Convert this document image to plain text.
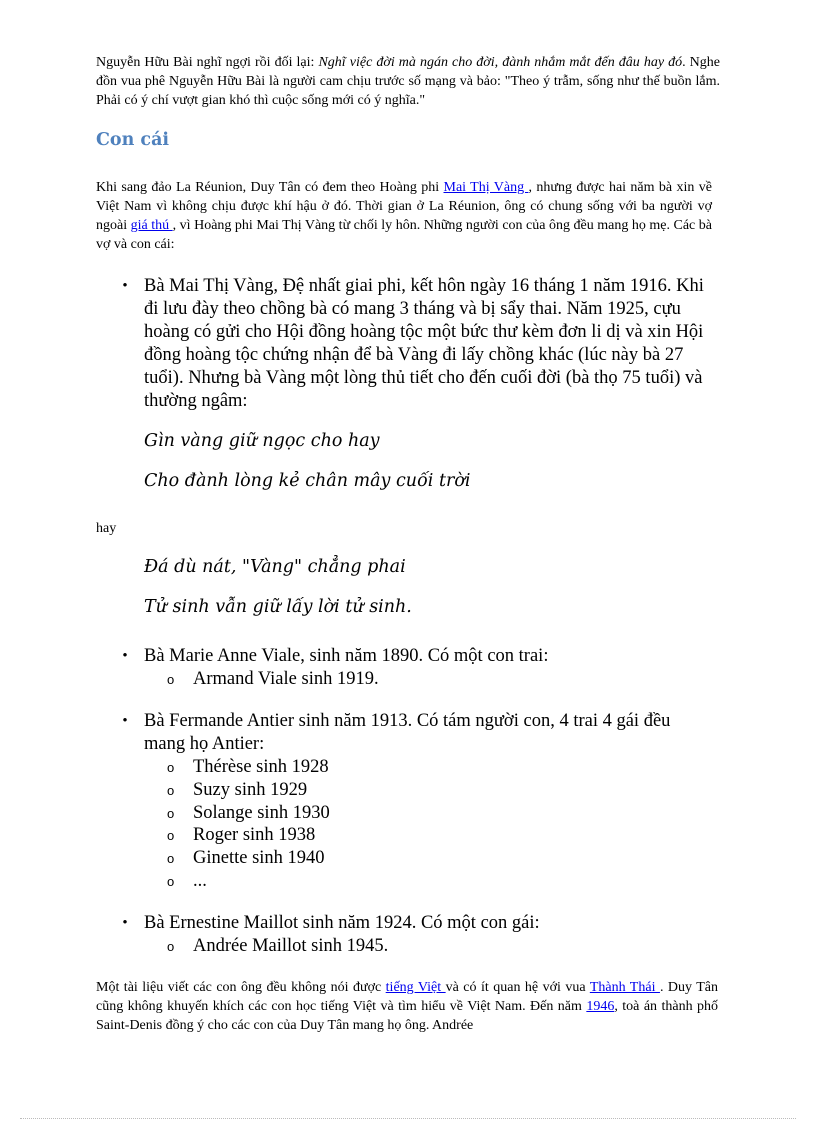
Nguyễn Hữu Bài nghĩ ngợi rồi đối lại: Nghĩ việc đời mà ngán cho đời, đành nhắm mắt đến đâu hay đó. Nghe đồn vua phê Nguyễn Hữu Bài là người cam chịu trước số mạng và bảo: "Theo ý trẫm, sống như thế buồn lắm. Phải có ý chí vượt gian khó thì cuộc sống mới có ý nghĩa."

Con cái

Khi sang đảo La Réunion, Duy Tân có đem theo Hoàng phi Mai Thị Vàng , nhưng được hai năm bà xin về Việt Nam vì không chịu được khí hậu ở đó. Thời gian ở La Réunion, ông có chung sống với ba người vợ ngoài giá thú , vì Hoàng phi Mai Thị Vàng từ chối ly hôn. Những người con của ông đều mang họ mẹ. Các bà vợ và con cái:

• Bà Mai Thị Vàng, Đệ nhất giai phi, kết hôn ngày 16 tháng 1 năm 1916. Khi đi lưu đày theo chồng bà có mang 3 tháng và bị sẩy thai. Năm 1925, cựu hoàng có gửi cho Hội đồng hoàng tộc một bức thư kèm đơn li dị và xin Hội đồng hoàng tộc chứng nhận để bà Vàng đi lấy chồng khác (lúc này bà 27 tuổi). Nhưng bà Vàng một lòng thủ tiết cho đến cuối đời (bà thọ 75 tuổi) và thường ngâm:
Gìn vàng giữ ngọc cho hay
Cho đành lòng kẻ chân mây cuối trời
hay
Đá dù nát, "Vàng" chẳng phai
Tử sinh vẫn giữ lấy lời tử sinh.
• Bà Marie Anne Viale, sinh năm 1890. Có một con trai:
o Armand Viale sinh 1919.
• Bà Fermande Antier sinh năm 1913. Có tám người con, 4 trai 4 gái đều mang họ Antier:
o Thérèse sinh 1928
o Suzy sinh 1929
o Solange sinh 1930
o Roger sinh 1938
o Ginette sinh 1940
o ...
• Bà Ernestine Maillot sinh năm 1924. Có một con gái:
o Andrée Maillot sinh 1945.

Một tài liệu viết các con ông đều không nói được tiếng Việt và có ít quan hệ với vua Thành Thái . Duy Tân cũng không khuyến khích các con học tiếng Việt và tìm hiểu về Việt Nam. Đến năm 1946, toà án thành phố Saint-Denis đồng ý cho các con của Duy Tân mang họ ông. Andrée
